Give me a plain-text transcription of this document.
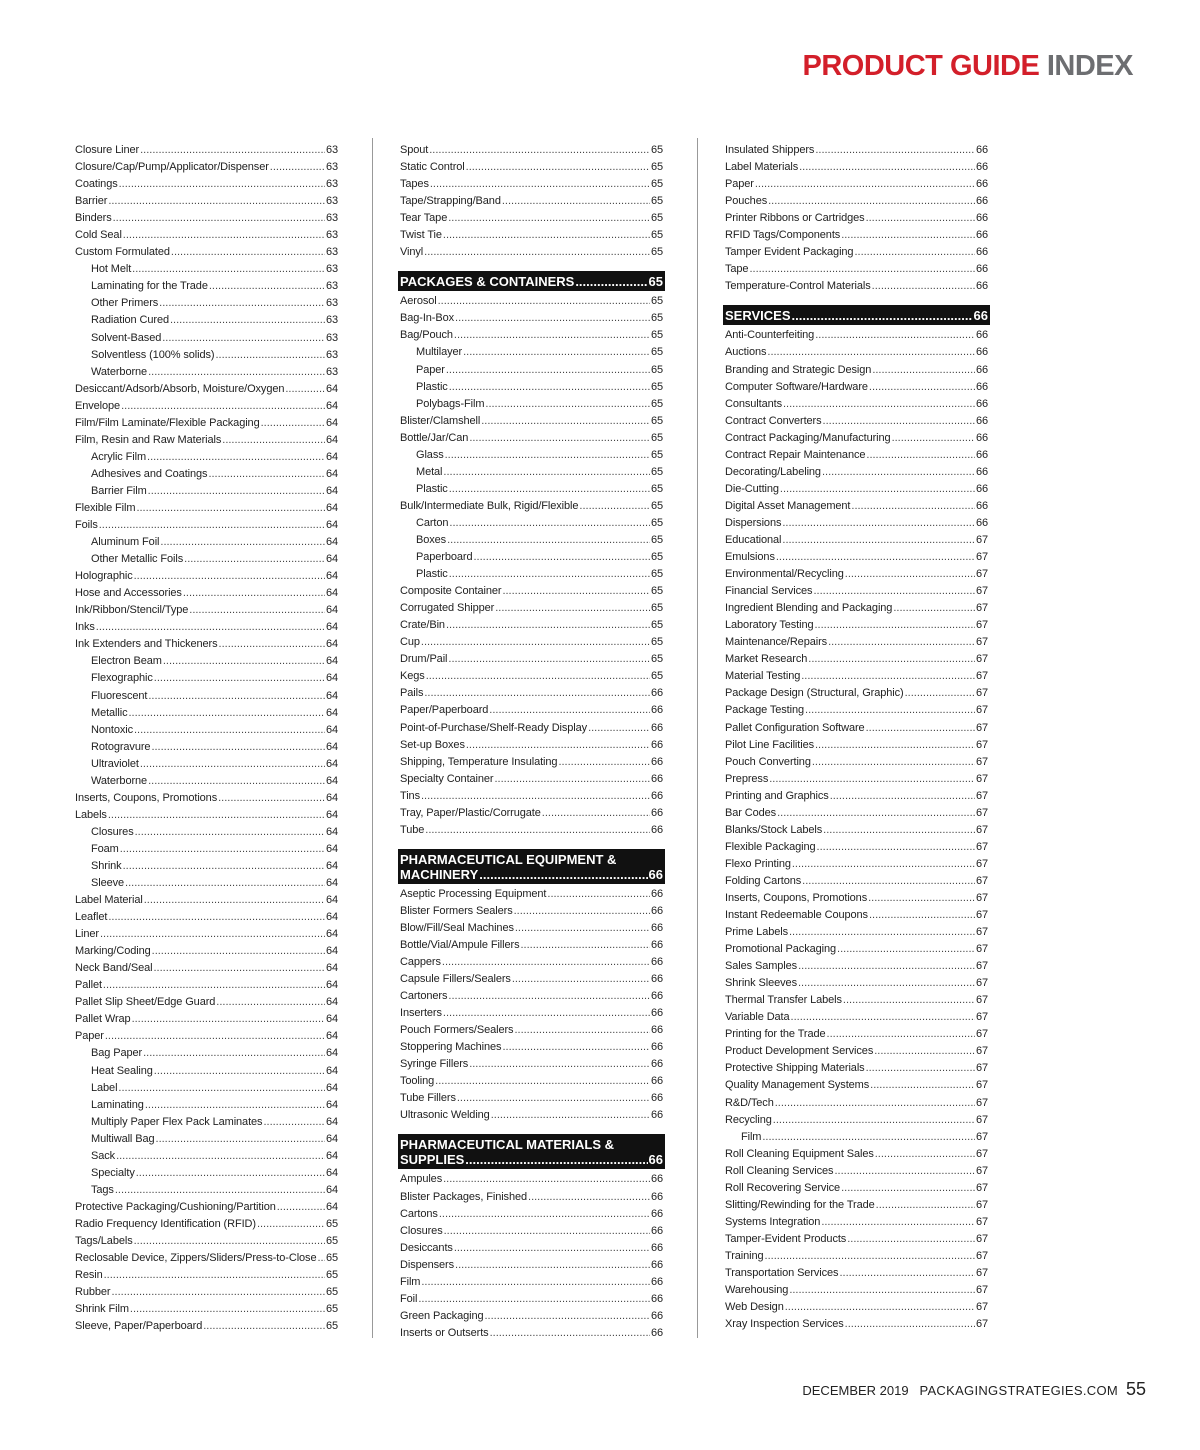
PRODUCT GUIDE INDEX
Closure Liner .....	63
Closure/Cap/Pump/Applicator/Dispenser .....	63
Coatings .....	63
Barrier .....	63
Binders .....	63
Cold Seal .....	63
Custom Formulated .....	63
Hot Melt .....	63
Laminating for the Trade .....	63
Other Primers .....	63
Radiation Cured .....	63
Solvent-Based .....	63
Solventless (100% solids) .....	63
Waterborne .....	63
Desiccant/Adsorb/Absorb, Moisture/Oxygen .....	64
Envelope .....	64
Film/Film Laminate/Flexible Packaging .....	64
Film, Resin and Raw Materials .....	64
Acrylic Film .....	64
Adhesives and Coatings .....	64
Barrier Film .....	64
Flexible Film .....	64
Foils .....	64
Aluminum Foil .....	64
Other Metallic Foils .....	64
Holographic .....	64
Hose and Accessories .....	64
Ink/Ribbon/Stencil/Type .....	64
Inks .....	64
Ink Extenders and Thickeners .....	64
Electron Beam .....	64
Flexographic .....	64
Fluorescent .....	64
Metallic .....	64
Nontoxic .....	64
Rotogravure .....	64
Ultraviolet .....	64
Waterborne .....	64
Inserts, Coupons, Promotions .....	64
Labels .....	64
Closures .....	64
Foam .....	64
Shrink .....	64
Sleeve .....	64
Label Material .....	64
Leaflet .....	64
Liner .....	64
Marking/Coding .....	64
Neck Band/Seal .....	64
Pallet .....	64
Pallet Slip Sheet/Edge Guard .....	64
Pallet Wrap .....	64
Paper .....	64
Bag Paper .....	64
Heat Sealing .....	64
Label .....	64
Laminating .....	64
Multiply Paper Flex Pack Laminates .....	64
Multiwall Bag .....	64
Sack .....	64
Specialty .....	64
Tags .....	64
Protective Packaging/Cushioning/Partition .....	64
Radio Frequency Identification (RFID) .....	65
Tags/Labels .....	65
Reclosable Device, Zippers/Sliders/Press-to-Close ..... 65
Resin .....	65
Rubber .....	65
Shrink Film .....	65
Sleeve, Paper/Paperboard .....	65
Spout .....	65
Static Control .....	65
Tapes .....	65
Tape/Strapping/Band .....	65
Tear Tape .....	65
Twist Tie .....	65
Vinyl .....	65
PACKAGES & CONTAINERS .....	65
Aerosol .....	65
Bag-In-Box .....	65
Bag/Pouch .....	65
Multilayer .....	65
Paper .....	65
Plastic .....	65
Polybags-Film .....	65
Blister/Clamshell .....	65
Bottle/Jar/Can .....	65
Glass .....	65
Metal .....	65
Plastic .....	65
Bulk/Intermediate Bulk, Rigid/Flexible .....	65
Carton .....	65
Boxes .....	65
Paperboard .....	65
Plastic .....	65
Composite Container .....	65
Corrugated Shipper .....	65
Crate/Bin .....	65
Cup .....	65
Drum/Pail .....	65
Kegs .....	65
Pails .....	66
Paper/Paperboard .....	66
Point-of-Purchase/Shelf-Ready Display .....	66
Set-up Boxes .....	66
Shipping, Temperature Insulating .....	66
Specialty Container .....	66
Tins .....	66
Tray, Paper/Plastic/Corrugate .....	66
Tube .....	66
PHARMACEUTICAL EQUIPMENT &
MACHINERY .....	66
Aseptic Processing Equipment .....	66
Blister Formers Sealers .....	66
Blow/Fill/Seal Machines .....	66
Bottle/Vial/Ampule Fillers .....	66
Cappers .....	66
Capsule Fillers/Sealers .....	66
Cartoners .....	66
Inserters .....	66
Pouch Formers/Sealers .....	66
Stoppering Machines .....	66
Syringe Fillers .....	66
Tooling .....	66
Tube Fillers .....	66
Ultrasonic Welding .....	66
PHARMACEUTICAL MATERIALS &
SUPPLIES .....	66
Ampules .....	66
Blister Packages, Finished .....	66
Cartons .....	66
Closures .....	66
Desiccants .....	66
Dispensers .....	66
Film .....	66
Foil .....	66
Green Packaging .....	66
Inserts or Outserts .....	66
Insulated Shippers .....	66
Label Materials .....	66
Paper .....	66
Pouches .....	66
Printer Ribbons or Cartridges .....	66
RFID Tags/Components .....	66
Tamper Evident Packaging .....	66
Tape .....	66
Temperature-Control Materials .....	66
SERVICES .....	66
Anti-Counterfeiting .....	66
Auctions .....	66
Branding and Strategic Design .....	66
Computer Software/Hardware .....	66
Consultants .....	66
Contract Converters .....	66
Contract Packaging/Manufacturing .....	66
Contract Repair Maintenance .....	66
Decorating/Labeling .....	66
Die-Cutting .....	66
Digital Asset Management .....	66
Dispersions .....	66
Educational .....	67
Emulsions .....	67
Environmental/Recycling .....	67
Financial Services .....	67
Ingredient Blending and Packaging .....	67
Laboratory Testing .....	67
Maintenance/Repairs .....	67
Market Research .....	67
Material Testing .....	67
Package Design (Structural, Graphic) .....	67
Package Testing .....	67
Pallet Configuration Software .....	67
Pilot Line Facilities .....	67
Pouch Converting .....	67
Prepress .....	67
Printing and Graphics .....	67
Bar Codes .....	67
Blanks/Stock Labels .....	67
Flexible Packaging .....	67
Flexo Printing .....	67
Folding Cartons .....	67
Inserts, Coupons, Promotions .....	67
Instant Redeemable Coupons .....	67
Prime Labels .....	67
Promotional Packaging .....	67
Sales Samples .....	67
Shrink Sleeves .....	67
Thermal Transfer Labels .....	67
Variable Data .....	67
Printing for the Trade .....	67
Product Development Services .....	67
Protective Shipping Materials .....	67
Quality Management Systems .....	67
R&D/Tech .....	67
Recycling .....	67
Film .....	67
Roll Cleaning Equipment Sales .....	67
Roll Cleaning Services .....	67
Roll Recovering Service .....	67
Slitting/Rewinding for the Trade .....	67
Systems Integration .....	67
Tamper-Evident Products .....	67
Training .....	67
Transportation Services .....	67
Warehousing .....	67
Web Design .....	67
Xray Inspection Services .....	67
DECEMBER 2019 PACKAGINGSTRATEGIES.COM 55
